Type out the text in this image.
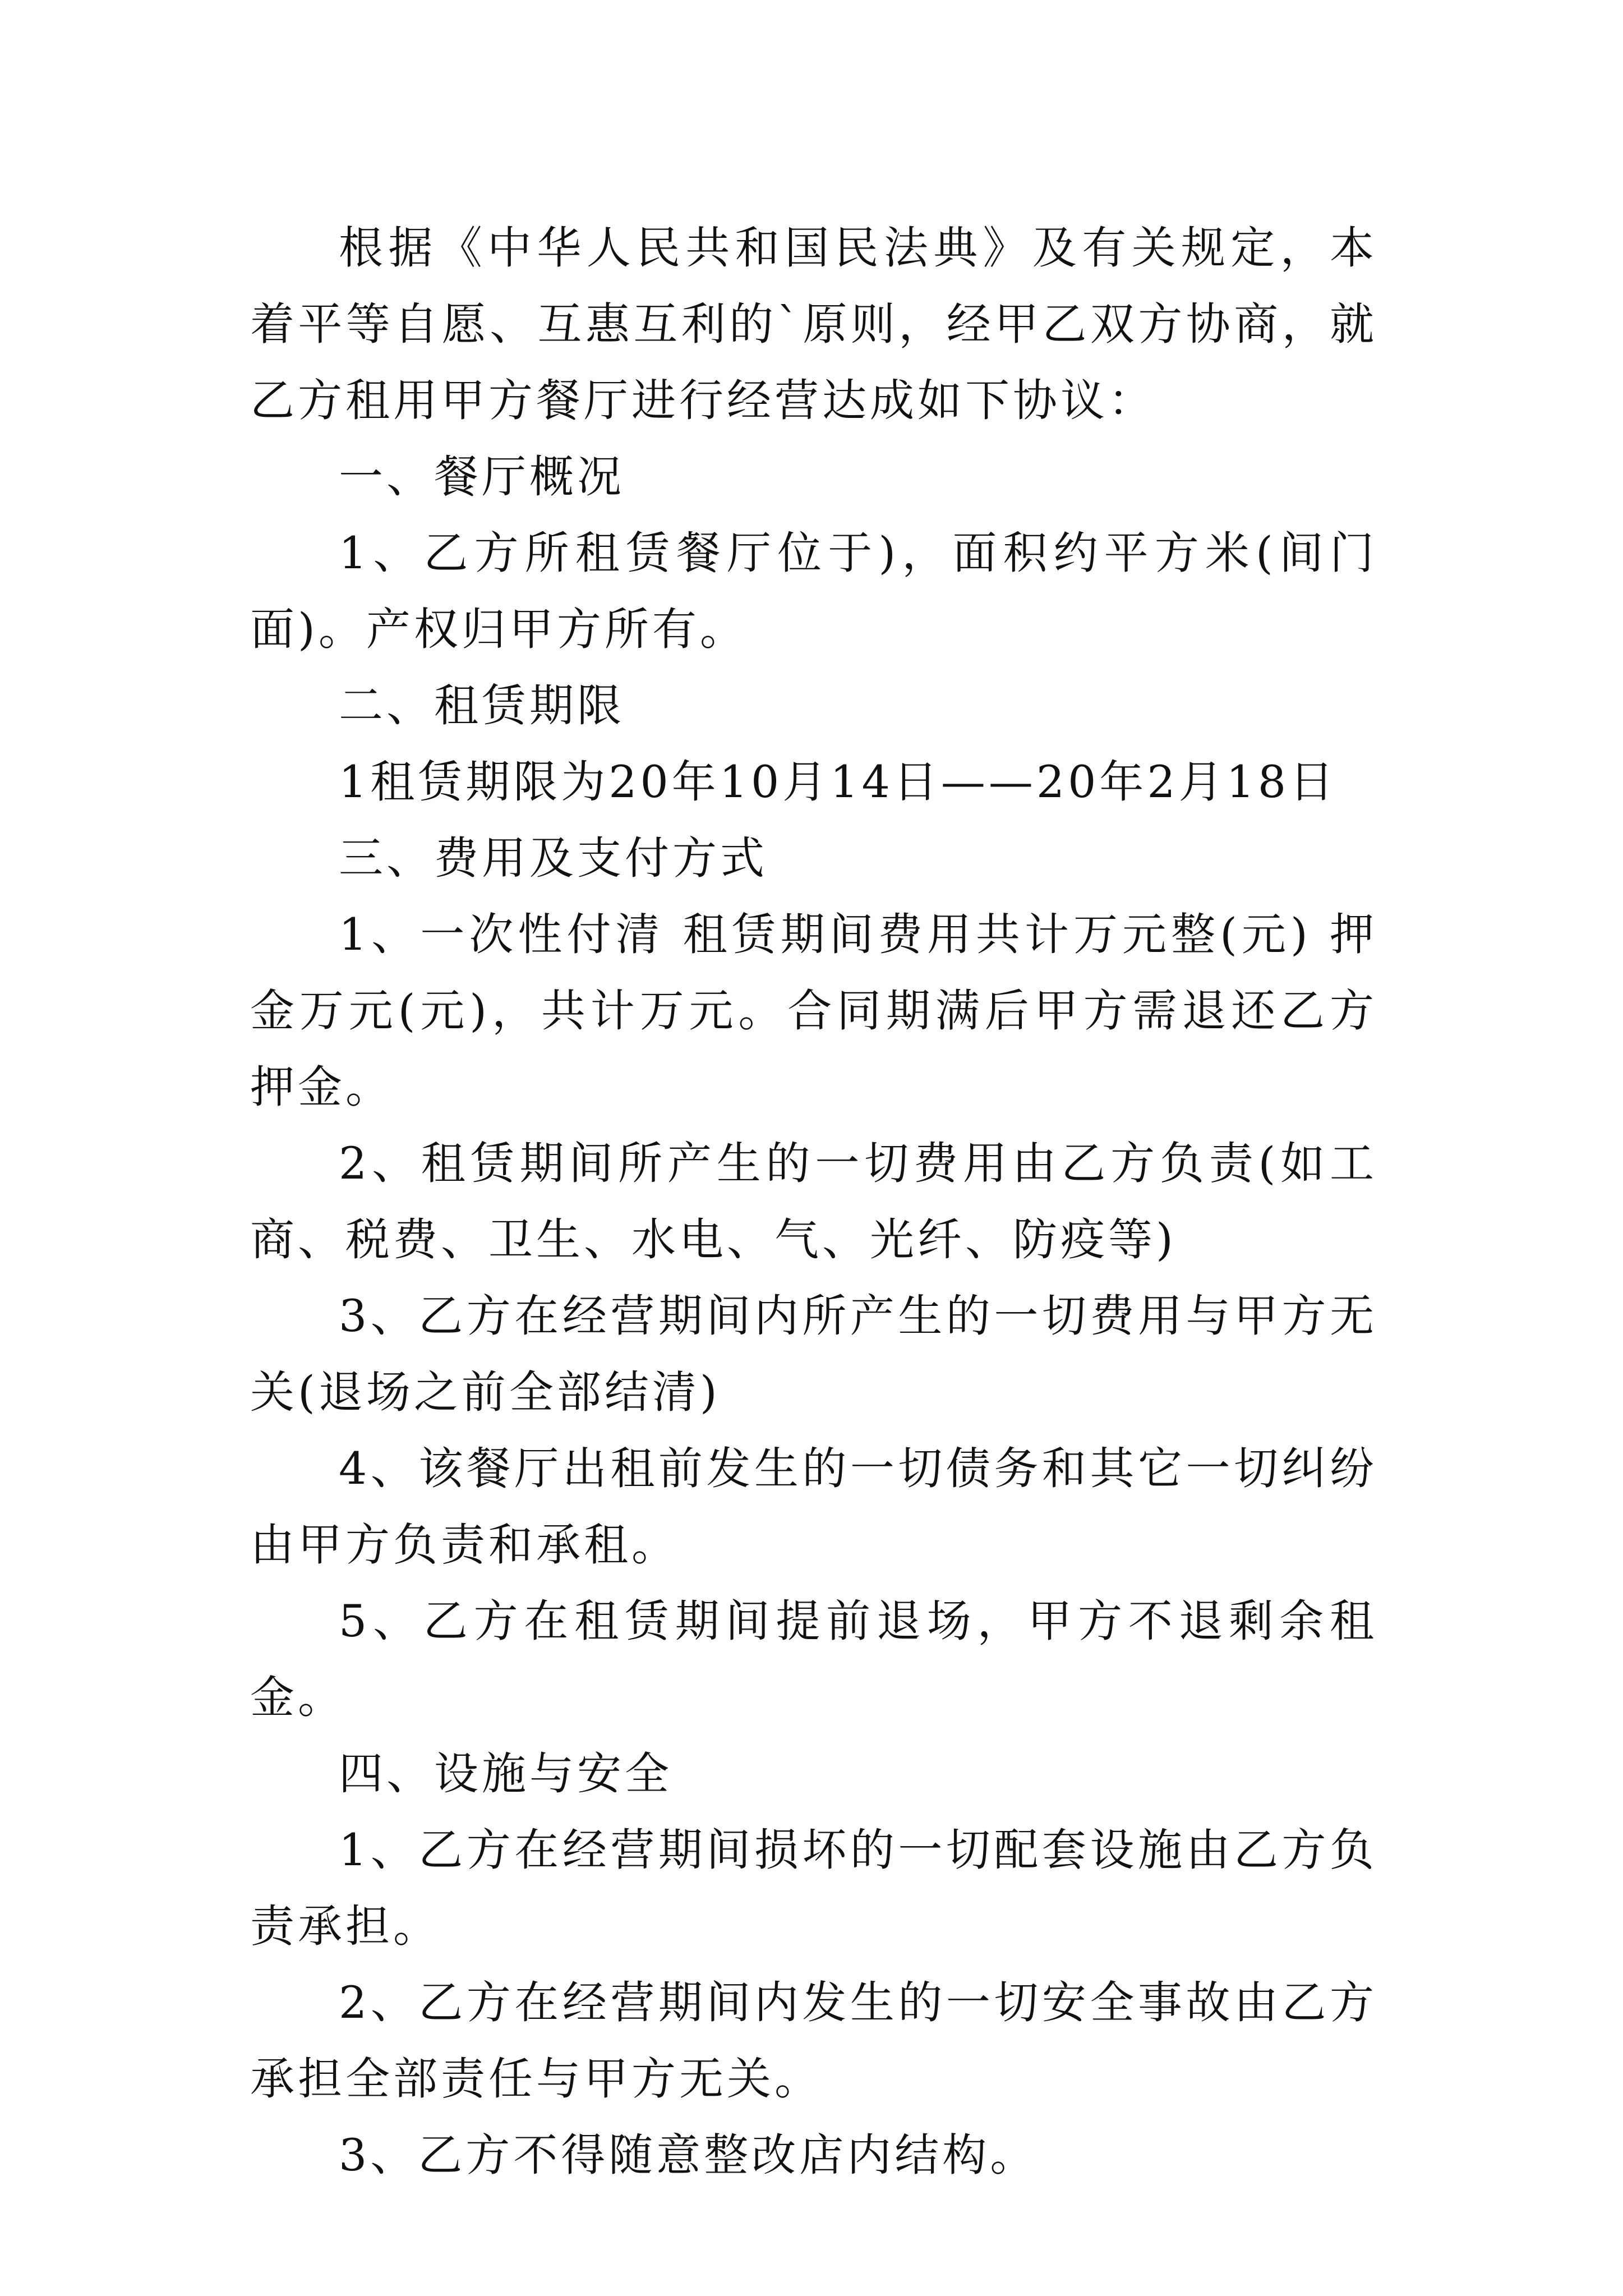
根据《中华人民共和国民法典》及有关规定，本着平等自愿、互惠互利的`原则，经甲乙双方协商，就乙方租用甲方餐厅进行经营达成如下协议：

一、餐厅概况

1、乙方所租赁餐厅位于)，面积约平方米(间门面)。产权归甲方所有。

二、租赁期限

1租赁期限为20年10月14日——20年2月18日

三、费用及支付方式

1、一次性付清 租赁期间费用共计万元整(元) 押金万元(元)，共计万元。合同期满后甲方需退还乙方押金。

2、租赁期间所产生的一切费用由乙方负责(如工商、税费、卫生、水电、气、光纤、防疫等)

3、乙方在经营期间内所产生的一切费用与甲方无关(退场之前全部结清)

4、该餐厅出租前发生的一切债务和其它一切纠纷由甲方负责和承租。

5、乙方在租赁期间提前退场，甲方不退剩余租金。

四、设施与安全

1、乙方在经营期间损坏的一切配套设施由乙方负责承担。

2、乙方在经营期间内发生的一切安全事故由乙方承担全部责任与甲方无关。

3、乙方不得随意整改店内结构。
